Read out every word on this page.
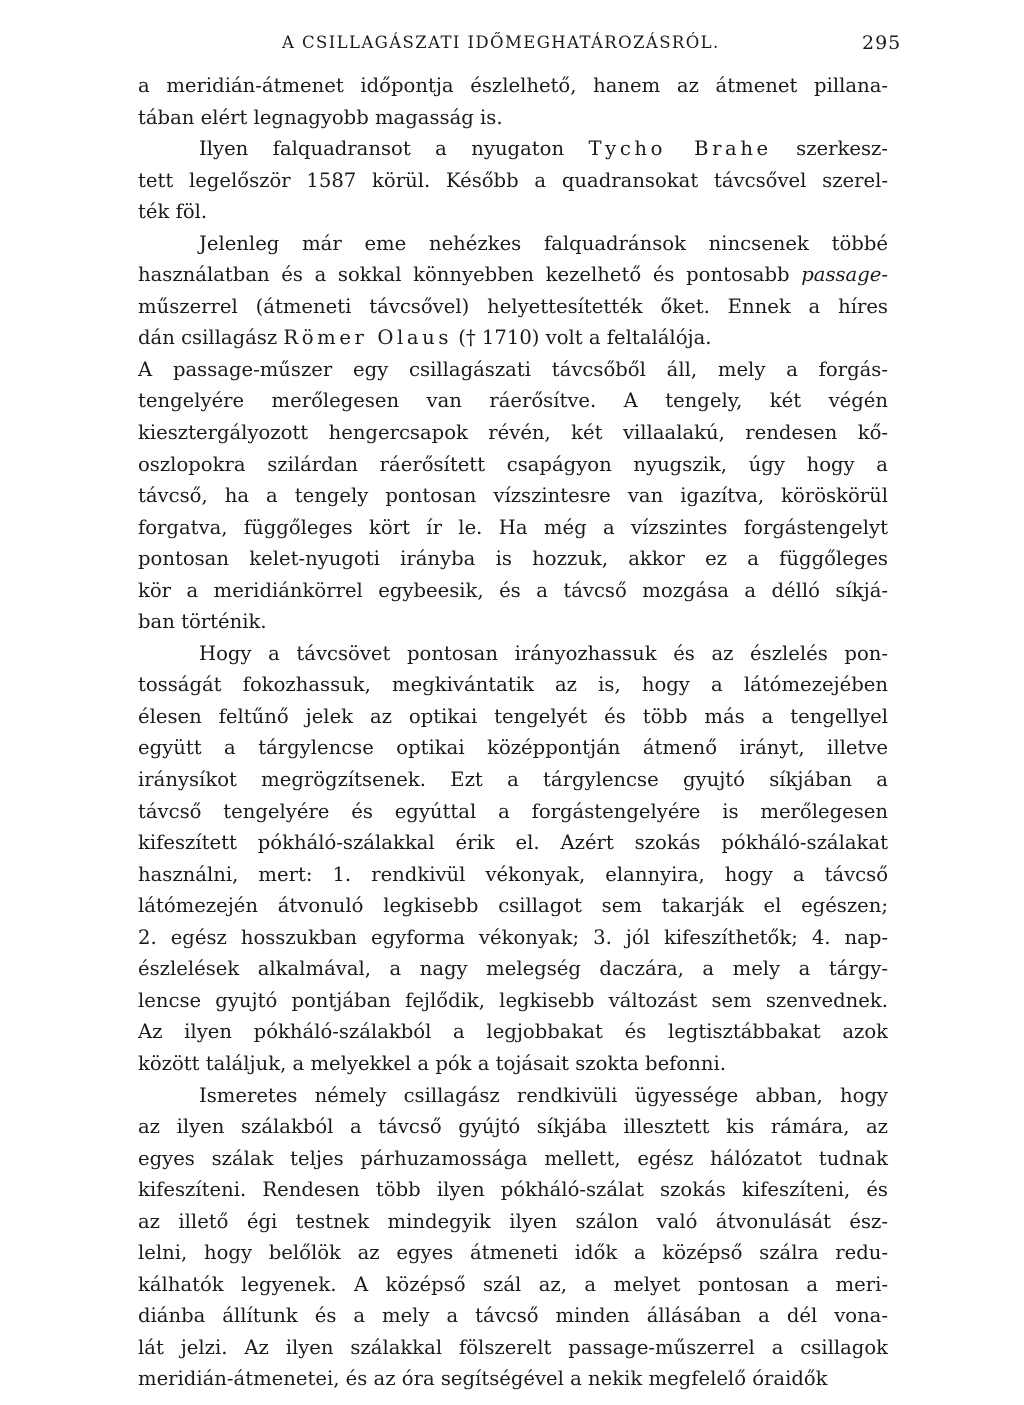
A CSILLAGÁSZATI IDŐMEGHATÁROZÁSRÓL.	295
a meridián-átmenet időpontja észlelhető, hanem az átmenet pillana-
tában elért legnagyobb magasság is.
Ilyen falquadransot a nyugaton Tycho Brahe szerkesz-
tett legelőször 1587 körül. Később a quadransokat távcsővel szerel-
ték föl.
Jelenleg már eme nehézkes falquadránsok nincsenek többé
használatban és a sokkal könnyebben kezelhető és pontosabb passage-
műszerrel (átmeneti távcsővel) helyettesítették őket. Ennek a híres
dán csillagász Römer Olaus († 1710) volt a feltalálója.
A passage-műszer egy csillagászati távcsőből áll, mely a forgás-
tengelyére merőlegesen van ráerősítve. A tengely, két végén
kiesztergályozott hengercsapok révén, két villaalakú, rendesen kő-
oszlopokra szilárdan ráerősített csapágyon nyugszik, úgy hogy a
távcső, ha a tengely pontosan vízszintesre van igazítva, köröskörül
forgatva, függőleges kört ír le. Ha még a vízszintes forgástengelyt
pontosan kelet-nyugoti irányba is hozzuk, akkor ez a függőleges
kör a meridiánkörrel egybeesik, és a távcső mozgása a délló síkjá-
ban történik.
Hogy a távcsövet pontosan irányozhassuk és az észlelés pon-
tosságát fokozhassuk, megkivántatik az is, hogy a látómezejében
élesen feltűnő jelek az optikai tengelyét és több más a tengellyel
együtt a tárgylencse optikai középpontján átmenő irányt, illetve
iránysíkot megrögzítsenek. Ezt a tárgylencse gyujtó síkjában a
távcső tengelyére és egyúttal a forgástengelyére is merőlegesen
kifeszített pókháló-szálakkal érik el. Azért szokás pókháló-szálakat
használni, mert: 1. rendkivül vékonyak, elannyira, hogy a távcső
látómezején átvonuló legkisebb csillagot sem takarják el egészen;
2. egész hosszukban egyforma vékonyak; 3. jól kifeszíthetők; 4. nap-
észlelések alkalmával, a nagy melegség daczára, a mely a tárgy-
lencse gyujtó pontjában fejlődik, legkisebb változást sem szenvednek.
Az ilyen pókháló-szálakból a legjobbakat és legtisztábbakat azok
között találjuk, a melyekkel a pók a tojásait szokta befonni.
Ismeretes némely csillagász rendkivüli ügyessége abban, hogy
az ilyen szálakból a távcső gyújtó síkjába illesztett kis rámára, az
egyes szálak teljes párhuzamossága mellett, egész hálózatot tudnak
kifeszíteni. Rendesen több ilyen pókháló-szálat szokás kifeszíteni, és
az illető égi testnek mindegyik ilyen szálon való átvonulását ész-
lelni, hogy belőlök az egyes átmeneti idők a középső szálra redu-
kálhatók legyenek. A középső szál az, a melyet pontosan a meri-
diánba állítunk és a mely a távcső minden állásában a dél vona-
lát jelzi. Az ilyen szálakkal fölszerelt passage-műszerrel a csillagok
meridián-átmenetei, és az óra segítségével a nekik megfelelő óraidők
